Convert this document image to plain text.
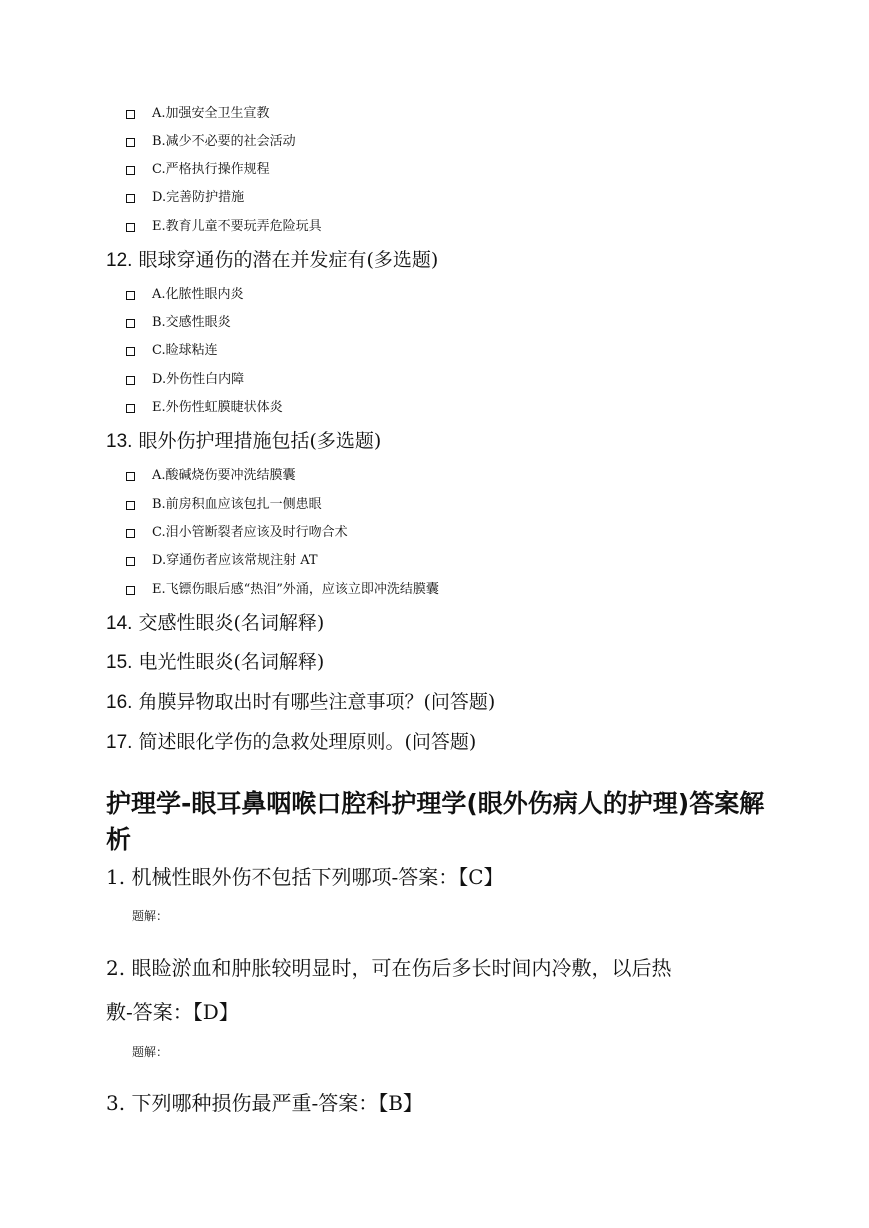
A.加强安全卫生宣教
B.减少不必要的社会活动
C.严格执行操作规程
D.完善防护措施
E.教育儿童不要玩弄危险玩具
12. 眼球穿通伤的潜在并发症有(多选题)
A.化脓性眼内炎
B.交感性眼炎
C.睑球粘连
D.外伤性白内障
E.外伤性虹膜睫状体炎
13. 眼外伤护理措施包括(多选题)
A.酸碱烧伤要冲洗结膜囊
B.前房积血应该包扎一侧患眼
C.泪小管断裂者应该及时行吻合术
D.穿通伤者应该常规注射 AT
E.飞镖伤眼后感“热泪”外涌，应该立即冲洗结膜囊
14. 交感性眼炎(名词解释)
15. 电光性眼炎(名词解释)
16. 角膜异物取出时有哪些注意事项？(问答题)
17. 简述眼化学伤的急救处理原则。(问答题)
护理学-眼耳鼻咽喉口腔科护理学(眼外伤病人的护理)答案解析
1. 机械性眼外伤不包括下列哪项-答案：【C】
题解：
2. 眼睑淤血和肿胀较明显时，可在伤后多长时间内冷敷，以后热
敷-答案：【D】
题解：
3. 下列哪种损伤最严重-答案：【B】
